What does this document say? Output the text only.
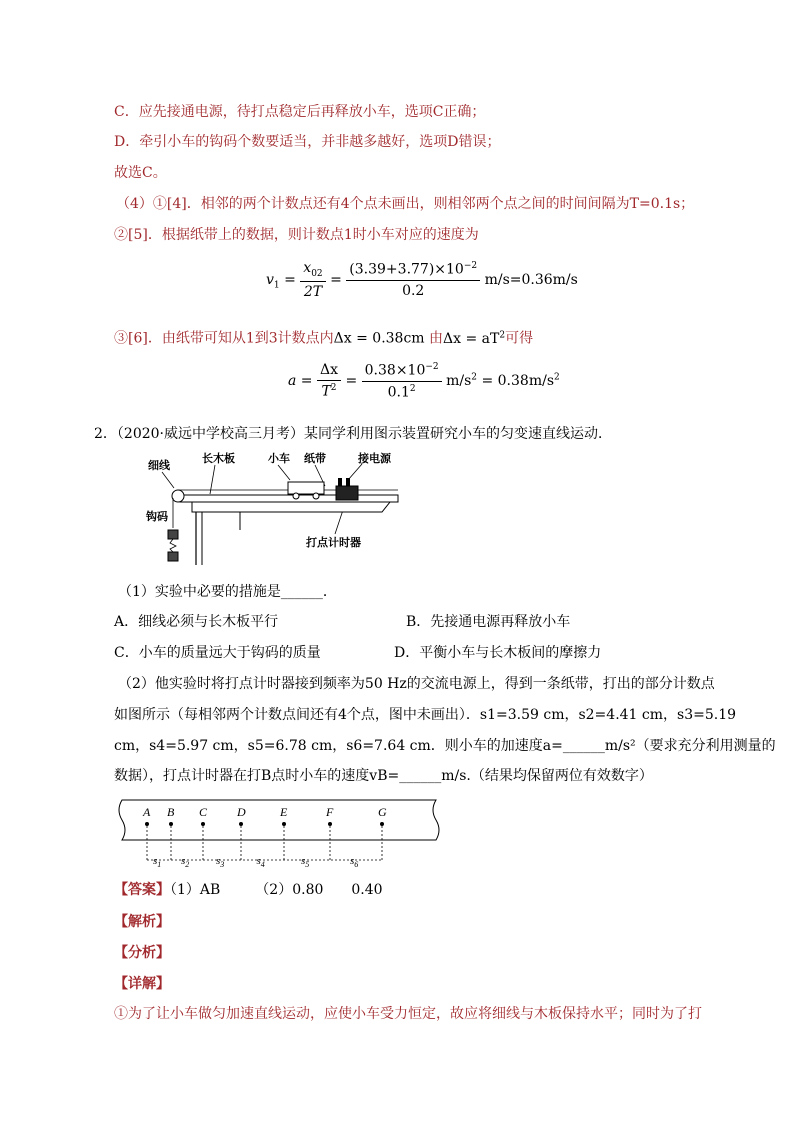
C．应先接通电源，待打点稳定后再释放小车，选项C正确；
D．牵引小车的钩码个数要适当，并非越多越好，选项D错误；
故选C。
（4）①[4]．相邻的两个计数点还有4个点未画出，则相邻两个点之间的时间间隔为T=0.1s；
②[5]．根据纸带上的数据，则计数点1时小车对应的速度为
$v_1 = \frac{x_{02}}{2T} = \frac{(3.39+3.77)\times 10^{-2}}{0.2} m/s=0.36m/s$
③[6]．由纸带可知从1到3计数点内Δx = 0.38cm 由$\Delta x = aT^2$可得
$a = \frac{\Delta x}{T^2} = \frac{0.38\times 10^{-2}}{0.1^2} m/s^2 = 0.38m/s^2$
2．（2020·威远中学校高三月考）某同学利用图示装置研究小车的匀变速直线运动．
细线
长木板	小车 纸带	接电源
钩码
打点计时器
（1）实验中必要的措施是______．
A．细线必须与长木板平行	B．先接通电源再释放小车
C．小车的质量远大于钩码的质量	D．平衡小车与长木板间的摩擦力
（2）他实验时将打点计时器接到频率为50 Hz的交流电源上，得到一条纸带，打出的部分计数点
如图所示（每相邻两个计数点间还有4个点，图中未画出）．s1=3.59 cm，s2=4.41 cm，s3=5.19
cm，s4=5.97 cm，s5=6.78 cm，s6=7.64 cm．则小车的加速度a=______m/s²（要求充分利用测量的
数据），打点计时器在打B点时小车的速度vB=______m/s.（结果均保留两位有效数字）
A B C D	E	F	G
$s_1$ $s_2$ $s_3$	$s_4$	$s_5$	$s_6$
【答案】（1）AB　　　（2）0.80　　0.40
【解析】
【分析】
【详解】
①为了让小车做匀加速直线运动，应使小车受力恒定，故应将细线与木板保持水平；同时为了打
